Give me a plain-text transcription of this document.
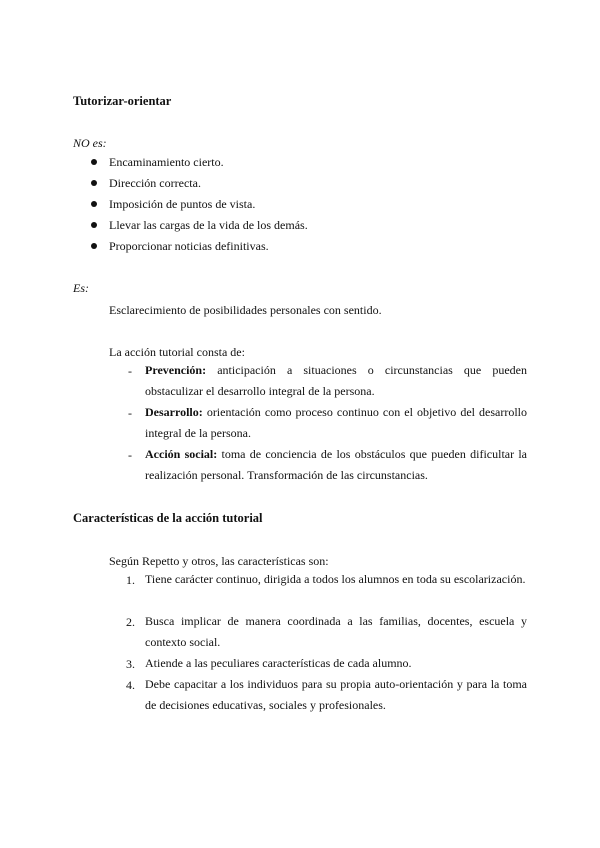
Tutorizar-orientar
NO es:
Encaminamiento cierto.
Dirección correcta.
Imposición de puntos de vista.
Llevar las cargas de la vida de los demás.
Proporcionar noticias definitivas.
Es:
Esclarecimiento de posibilidades personales con sentido.
La acción tutorial consta de:
- Prevención: anticipación a situaciones o circunstancias que pueden obstaculizar el desarrollo integral de la persona.
- Desarrollo: orientación como proceso continuo con el objetivo del desarrollo integral de la persona.
- Acción social: toma de conciencia de los obstáculos que pueden dificultar la realización personal. Transformación de las circunstancias.
Características de la acción tutorial
Según Repetto y otros, las características son:
1. Tiene carácter continuo, dirigida a todos los alumnos en toda su escolarización.
2. Busca implicar de manera coordinada a las familias, docentes, escuela y contexto social.
3. Atiende a las peculiares características de cada alumno.
4. Debe capacitar a los individuos para su propia auto-orientación y para la toma de decisiones educativas, sociales y profesionales.
